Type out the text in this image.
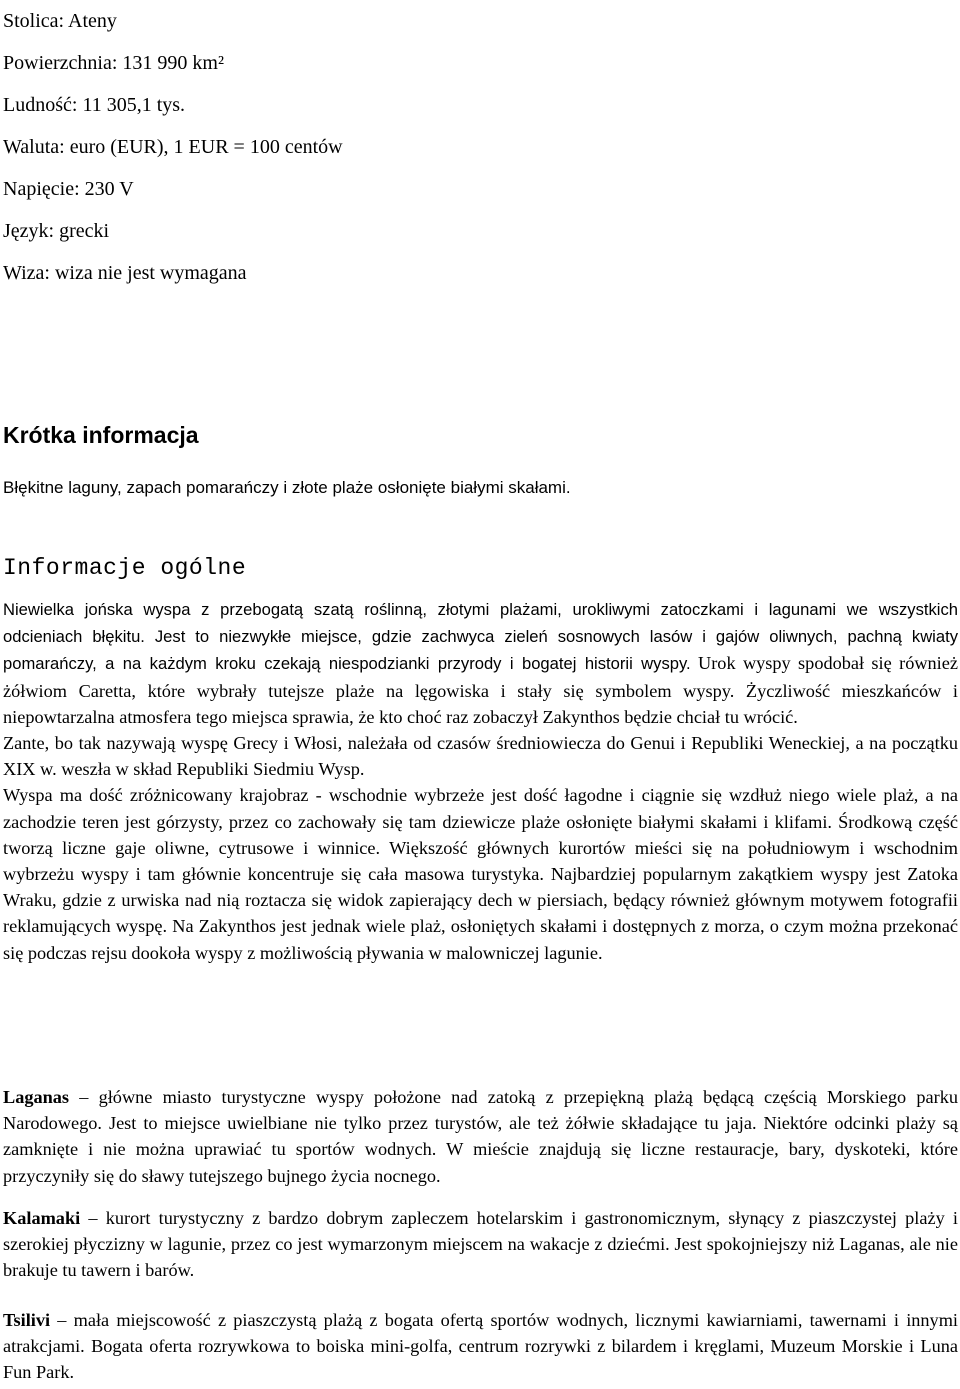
Stolica: Ateny
Powierzchnia: 131 990 km²
Ludność: 11 305,1 tys.
Waluta: euro (EUR), 1 EUR = 100 centów
Napięcie: 230 V
Język: grecki
Wiza: wiza nie jest wymagana
Krótka informacja

Błękitne laguny, zapach pomarańczy i złote plaże osłonięte białymi skałami.

Informacje ogólne

Niewielka jońska wyspa z przebogatą szatą roślinną, złotymi plażami, urokliwymi zatoczkami i lagunami we wszystkich odcieniach błękitu. Jest to niezwykłe miejsce, gdzie zachwyca zieleń sosnowych lasów i gajów oliwnych, pachną kwiaty pomarańczy, a na każdym kroku czekają niespodzianki przyrody i bogatej historii wyspy. Urok wyspy spodobał się również żółwiom Caretta, które wybrały tutejsze plaże na lęgowiska i stały się symbolem wyspy. Życzliwość mieszkańców i niepowtarzalna atmosfera tego miejsca sprawia, że kto choć raz zobaczył Zakynthos będzie chciał tu wrócić.

Zante, bo tak nazywają wyspę Grecy i Włosi, należała od czasów średniowiecza do Genui i Republiki Weneckiej, a na początku XIX w. weszła w skład Republiki Siedmiu Wysp.

Wyspa ma dość zróżnicowany krajobraz - wschodnie wybrzeże jest dość łagodne i ciągnie się wzdłuż niego wiele plaż, a na zachodzie teren jest górzysty, przez co zachowały się tam dziewicze plaże osłonięte białymi skałami i klifami. Środkową część tworzą liczne gaje oliwne, cytrusowe i winnice. Większość głównych kurortów mieści się na południowym i wschodnim wybrzeżu wyspy i tam głównie koncentruje się cała masowa turystyka. Najbardziej popularnym zakątkiem wyspy jest Zatoka Wraku, gdzie z urwiska nad nią roztacza się widok zapierający dech w piersiach, będący również głównym motywem fotografii reklamujących wyspę. Na Zakynthos jest jednak wiele plaż, osłoniętych skałami i dostępnych z morza, o czym można przekonać się podczas rejsu dookoła wyspy z możliwością pływania w malowniczej lagunie.

Laganas – główne miasto turystyczne wyspy położone nad zatoką z przepiękną plażą będącą częścią Morskiego parku Narodowego. Jest to miejsce uwielbiane nie tylko przez turystów, ale też żółwie składające tu jaja. Niektóre odcinki plaży są zamknięte i nie można uprawiać tu sportów wodnych. W mieście znajdują się liczne restauracje, bary, dyskoteki, które przyczyniły się do sławy tutejszego bujnego życia nocnego.

Kalamaki – kurort turystyczny z bardzo dobrym zapleczem hotelarskim i gastronomicznym, słynący z piaszczystej plaży i szerokiej płyczizny w lagunie, przez co jest wymarzonym miejscem na wakacje z dziećmi. Jest spokojniejszy niż Laganas, ale nie brakuje tu tawern i barów.

Tsilivi – mała miejscowość z piaszczystą plażą z bogata ofertą sportów wodnych, licznymi kawiarniami, tawernami i innymi atrakcjami. Bogata oferta rozrywkowa to boiska mini-golfa, centrum rozrywki z bilardem i kręglami, Muzeum Morskie i Luna Fun Park.
